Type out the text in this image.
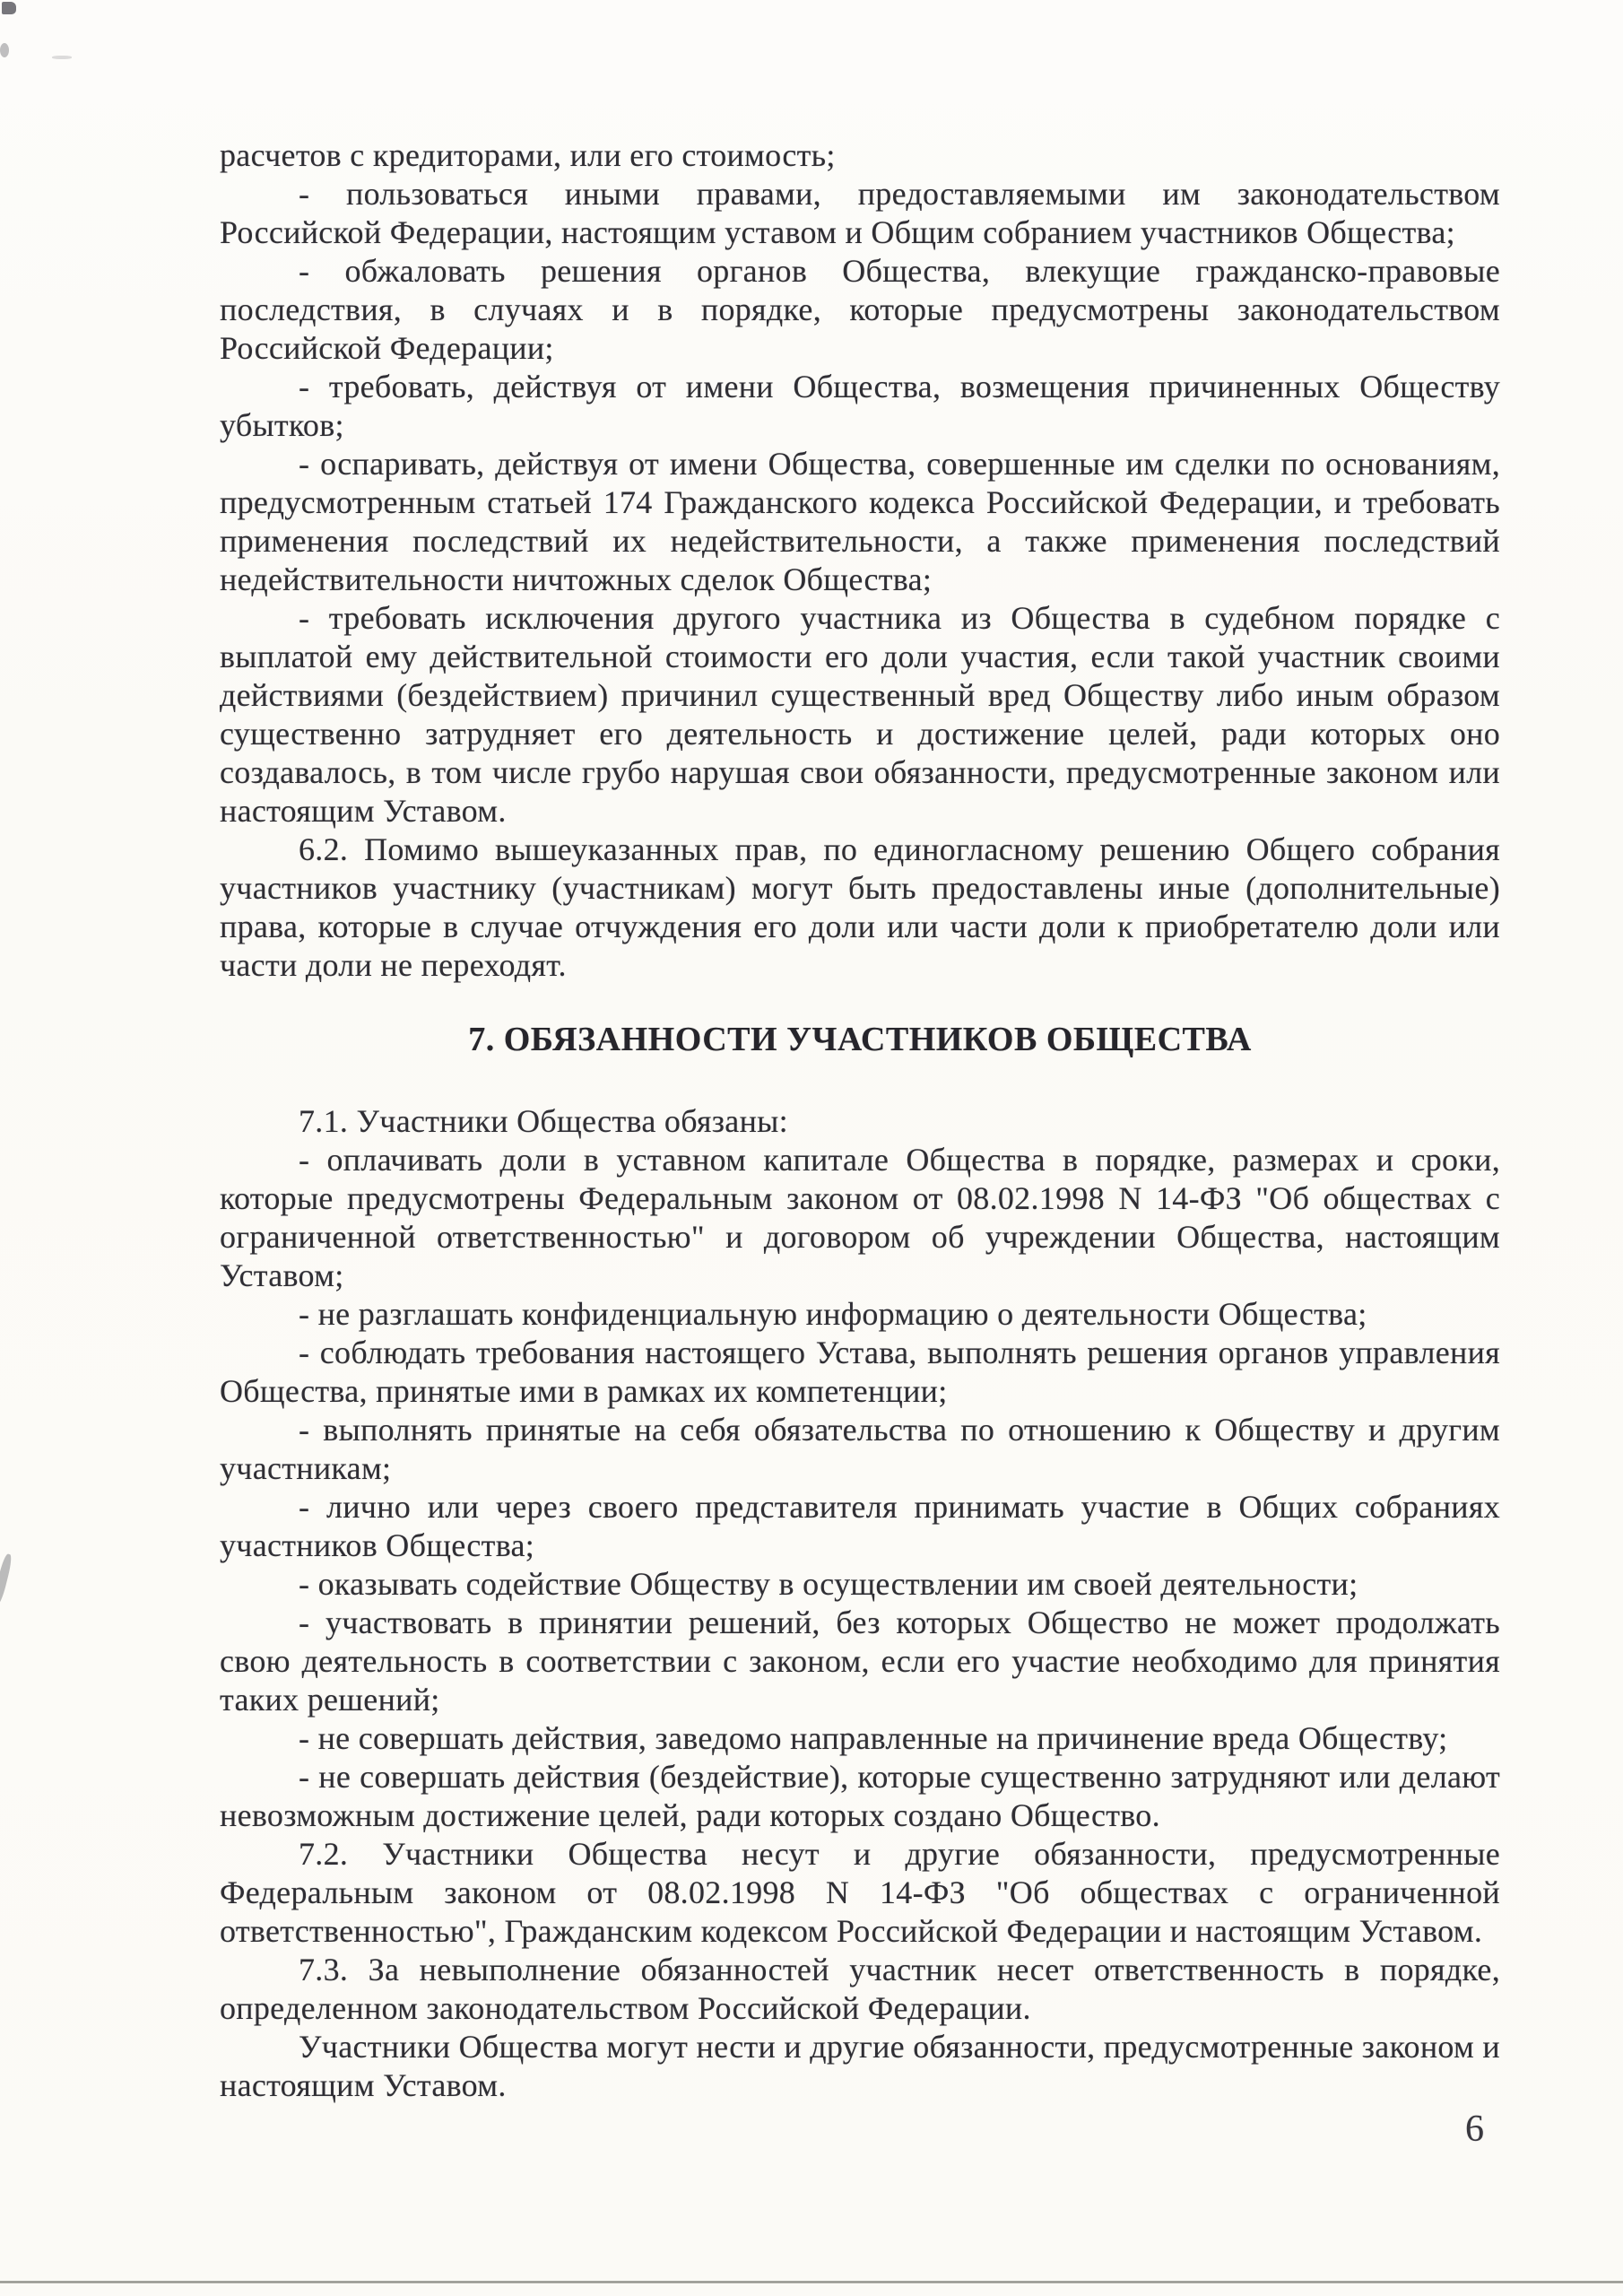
расчетов с кредиторами, или его стоимость;

- пользоваться иными правами, предоставляемыми им законодательством Российской Федерации, настоящим уставом и Общим собранием участников Общества;

- обжаловать решения органов Общества, влекущие гражданско-правовые последствия, в случаях и в порядке, которые предусмотрены законодательством Российской Федерации;

- требовать, действуя от имени Общества, возмещения причиненных Обществу убытков;

- оспаривать, действуя от имени Общества, совершенные им сделки по основаниям, предусмотренным статьей 174 Гражданского кодекса Российской Федерации, и требовать применения последствий их недействительности, а также применения последствий недействительности ничтожных сделок Общества;

- требовать исключения другого участника из Общества в судебном порядке с выплатой ему действительной стоимости его доли участия, если такой участник своими действиями (бездействием) причинил существенный вред Обществу либо иным образом существенно затрудняет его деятельность и достижение целей, ради которых оно создавалось, в том числе грубо нарушая свои обязанности, предусмотренные законом или настоящим Уставом.

6.2. Помимо вышеуказанных прав, по единогласному решению Общего собрания участников участнику (участникам) могут быть предоставлены иные (дополнительные) права, которые в случае отчуждения его доли или части доли к приобретателю доли или части доли не переходят.

7. ОБЯЗАННОСТИ УЧАСТНИКОВ ОБЩЕСТВА

7.1. Участники Общества обязаны:

- оплачивать доли в уставном капитале Общества в порядке, размерах и сроки, которые предусмотрены Федеральным законом от 08.02.1998 N 14-ФЗ "Об обществах с ограниченной ответственностью" и договором об учреждении Общества, настоящим Уставом;

- не разглашать конфиденциальную информацию о деятельности Общества;

- соблюдать требования настоящего Устава, выполнять решения органов управления Общества, принятые ими в рамках их компетенции;

- выполнять принятые на себя обязательства по отношению к Обществу и другим участникам;

- лично или через своего представителя принимать участие в Общих собраниях участников Общества;

- оказывать содействие Обществу в осуществлении им своей деятельности;

- участвовать в принятии решений, без которых Общество не может продолжать свою деятельность в соответствии с законом, если его участие необходимо для принятия таких решений;

- не совершать действия, заведомо направленные на причинение вреда Обществу;

- не совершать действия (бездействие), которые существенно затрудняют или делают невозможным достижение целей, ради которых создано Общество.

7.2. Участники Общества несут и другие обязанности, предусмотренные Федеральным законом от 08.02.1998 N 14-ФЗ "Об обществах с ограниченной ответственностью", Гражданским кодексом Российской Федерации и настоящим Уставом.

7.3. За невыполнение обязанностей участник несет ответственность в порядке, определенном законодательством Российской Федерации.

Участники Общества могут нести и другие обязанности, предусмотренные законом и настоящим Уставом.

6
